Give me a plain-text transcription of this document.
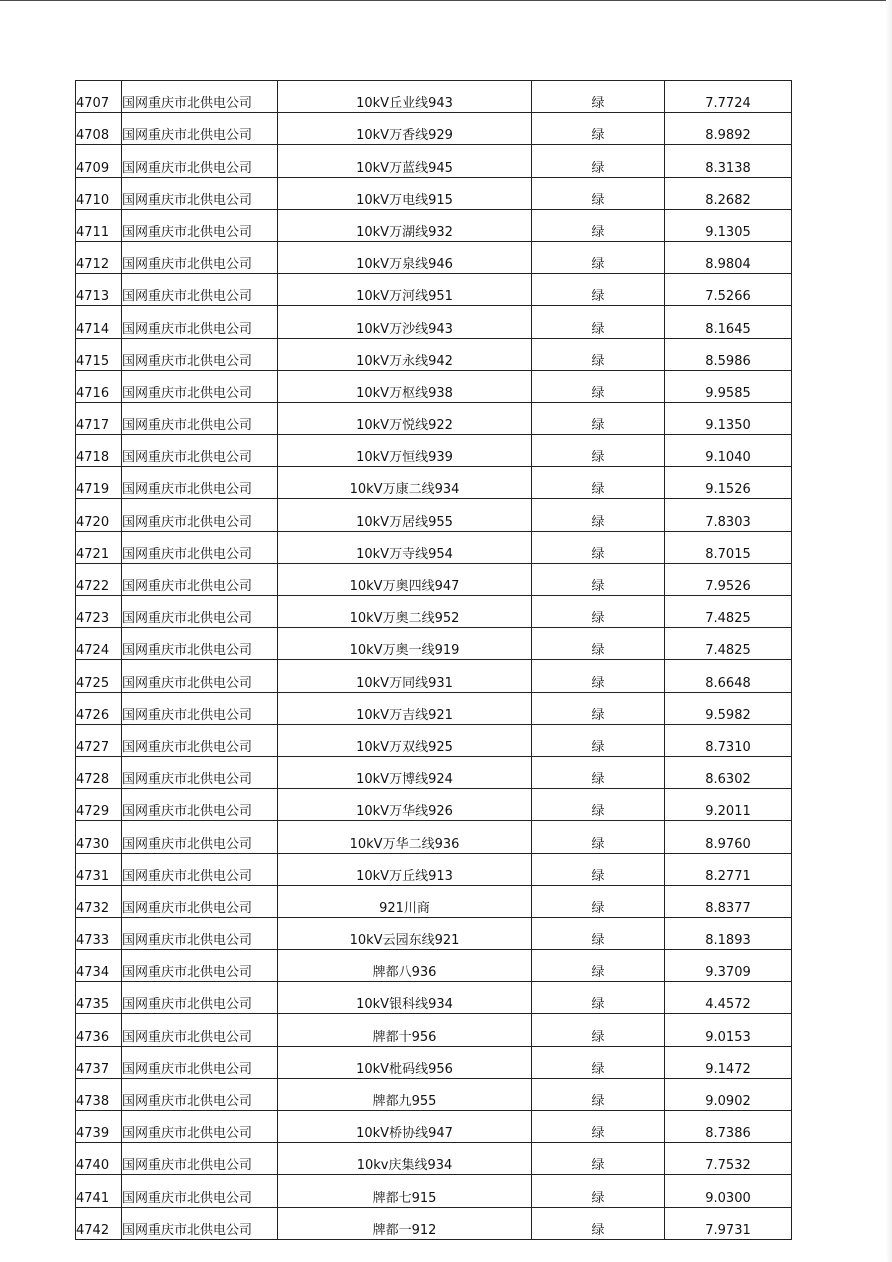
4707	国网重庆市北供电公司	10kV丘业线943	绿	7.7724
4708	国网重庆市北供电公司	10kV万香线929	绿	8.9892
4709	国网重庆市北供电公司	10kV万蓝线945	绿	8.3138
4710	国网重庆市北供电公司	10kV万电线915	绿	8.2682
4711	国网重庆市北供电公司	10kV万湖线932	绿	9.1305
4712	国网重庆市北供电公司	10kV万泉线946	绿	8.9804
4713	国网重庆市北供电公司	10kV万河线951	绿	7.5266
4714	国网重庆市北供电公司	10kV万沙线943	绿	8.1645
4715	国网重庆市北供电公司	10kV万永线942	绿	8.5986
4716	国网重庆市北供电公司	10kV万枢线938	绿	9.9585
4717	国网重庆市北供电公司	10kV万悦线922	绿	9.1350
4718	国网重庆市北供电公司	10kV万恒线939	绿	9.1040
4719	国网重庆市北供电公司	10kV万康二线934	绿	9.1526
4720	国网重庆市北供电公司	10kV万居线955	绿	7.8303
4721	国网重庆市北供电公司	10kV万寺线954	绿	8.7015
4722	国网重庆市北供电公司	10kV万奥四线947	绿	7.9526
4723	国网重庆市北供电公司	10kV万奥二线952	绿	7.4825
4724	国网重庆市北供电公司	10kV万奥一线919	绿	7.4825
4725	国网重庆市北供电公司	10kV万同线931	绿	8.6648
4726	国网重庆市北供电公司	10kV万吉线921	绿	9.5982
4727	国网重庆市北供电公司	10kV万双线925	绿	8.7310
4728	国网重庆市北供电公司	10kV万博线924	绿	8.6302
4729	国网重庆市北供电公司	10kV万华线926	绿	9.2011
4730	国网重庆市北供电公司	10kV万华二线936	绿	8.9760
4731	国网重庆市北供电公司	10kV万丘线913	绿	8.2771
4732	国网重庆市北供电公司	921川商	绿	8.8377
4733	国网重庆市北供电公司	10kV云园东线921	绿	8.1893
4734	国网重庆市北供电公司	牌都八936	绿	9.3709
4735	国网重庆市北供电公司	10kV银科线934	绿	4.4572
4736	国网重庆市北供电公司	牌都十956	绿	9.0153
4737	国网重庆市北供电公司	10kV枇码线956	绿	9.1472
4738	国网重庆市北供电公司	牌都九955	绿	9.0902
4739	国网重庆市北供电公司	10kV桥协线947	绿	8.7386
4740	国网重庆市北供电公司	10kv庆集线934	绿	7.7532
4741	国网重庆市北供电公司	牌都七915	绿	9.0300
4742	国网重庆市北供电公司	牌都一912	绿	7.9731
